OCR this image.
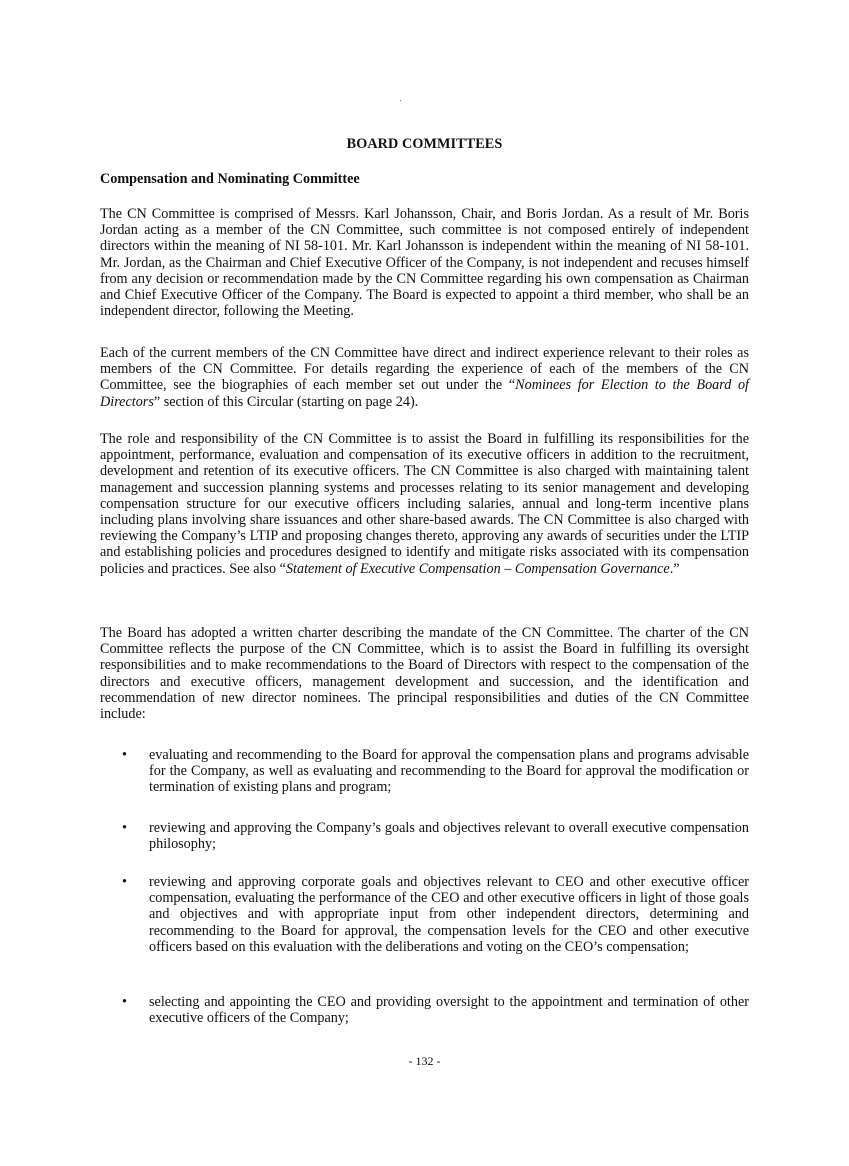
BOARD COMMITTEES
Compensation and Nominating Committee

The CN Committee is comprised of Messrs. Karl Johansson, Chair, and Boris Jordan. As a result of Mr. Boris Jordan acting as a member of the CN Committee, such committee is not composed entirely of independent directors within the meaning of NI 58-101. Mr. Karl Johansson is independent within the meaning of NI 58-101. Mr. Jordan, as the Chairman and Chief Executive Officer of the Company, is not independent and recuses himself from any decision or recommendation made by the CN Committee regarding his own compensation as Chairman and Chief Executive Officer of the Company. The Board is expected to appoint a third member, who shall be an independent director, following the Meeting.

Each of the current members of the CN Committee have direct and indirect experience relevant to their roles as members of the CN Committee. For details regarding the experience of each of the members of the CN Committee, see the biographies of each member set out under the “Nominees for Election to the Board of Directors” section of this Circular (starting on page 24).

The role and responsibility of the CN Committee is to assist the Board in fulfilling its responsibilities for the appointment, performance, evaluation and compensation of its executive officers in addition to the recruitment, development and retention of its executive officers. The CN Committee is also charged with maintaining talent management and succession planning systems and processes relating to its senior management and developing compensation structure for our executive officers including salaries, annual and long-term incentive plans including plans involving share issuances and other share-based awards. The CN Committee is also charged with reviewing the Company’s LTIP and proposing changes thereto, approving any awards of securities under the LTIP and establishing policies and procedures designed to identify and mitigate risks associated with its compensation policies and practices. See also “Statement of Executive Compensation – Compensation Governance.”

The Board has adopted a written charter describing the mandate of the CN Committee. The charter of the CN Committee reflects the purpose of the CN Committee, which is to assist the Board in fulfilling its oversight responsibilities and to make recommendations to the Board of Directors with respect to the compensation of the directors and executive officers, management development and succession, and the identification and recommendation of new director nominees. The principal responsibilities and duties of the CN Committee include:

• evaluating and recommending to the Board for approval the compensation plans and programs advisable for the Company, as well as evaluating and recommending to the Board for approval the modification or termination of existing plans and program;

• reviewing and approving the Company’s goals and objectives relevant to overall executive compensation philosophy;

• reviewing and approving corporate goals and objectives relevant to CEO and other executive officer compensation, evaluating the performance of the CEO and other executive officers in light of those goals and objectives and with appropriate input from other independent directors, determining and recommending to the Board for approval, the compensation levels for the CEO and other executive officers based on this evaluation with the deliberations and voting on the CEO’s compensation;

• selecting and appointing the CEO and providing oversight to the appointment and termination of other executive officers of the Company;

- 132 -
